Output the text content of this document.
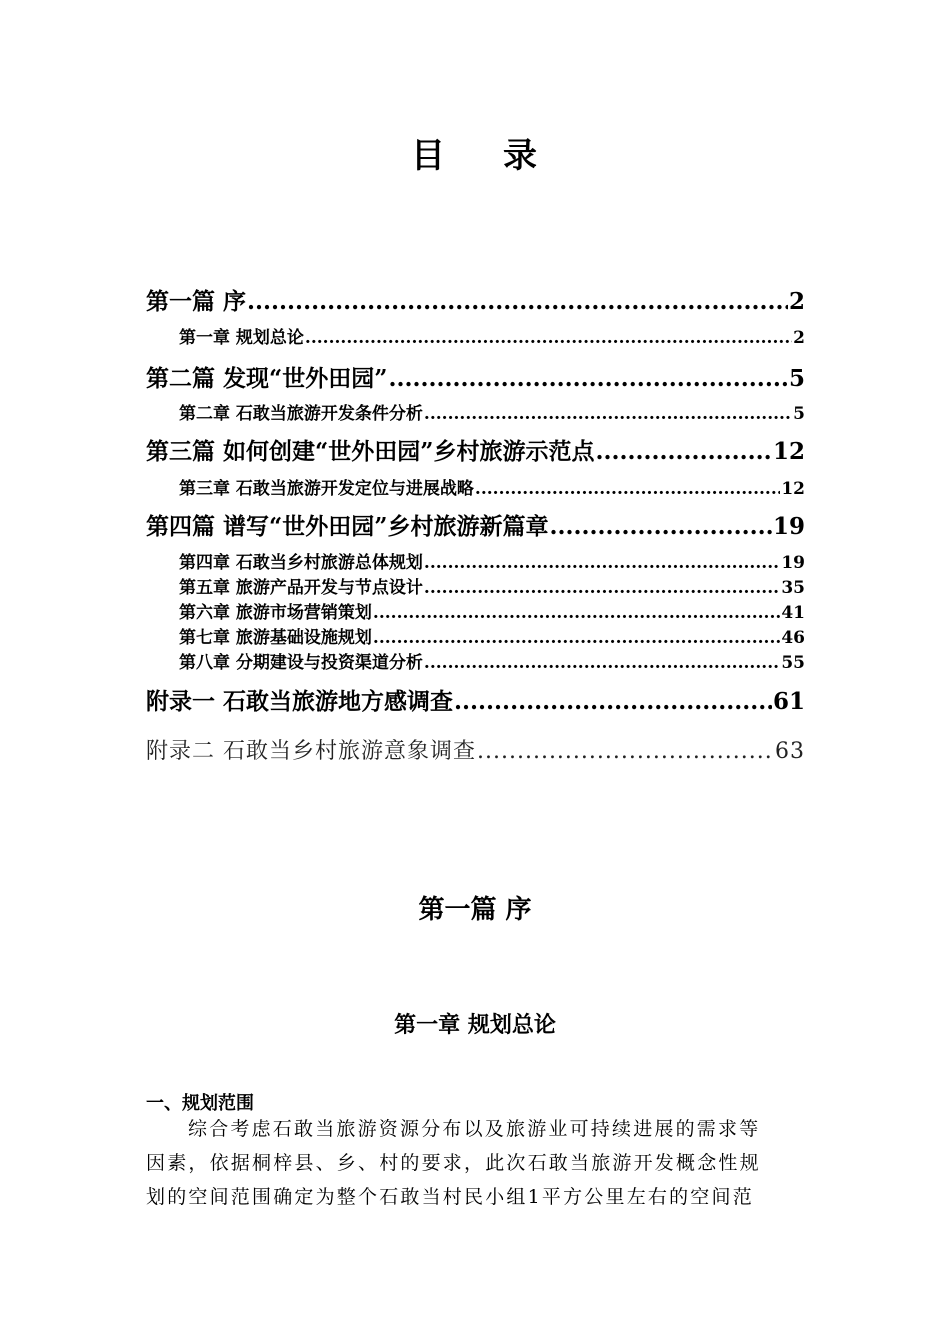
目 录
第一篇 序 .....	2
第一章 规划总论 .....	2
第二篇 发现“世外田园” .....	5
第二章 石敢当旅游开发条件分析 .....	5
第三篇 如何创建“世外田园”乡村旅游示范点 .....	12
第三章 石敢当旅游开发定位与进展战略 .....	12
第四篇 谱写“世外田园”乡村旅游新篇章 .....	19
第四章 石敢当乡村旅游总体规划 .....	19
第五章 旅游产品开发与节点设计 .....	35
第六章 旅游市场营销策划 .....	41
第七章 旅游基础设施规划 .....	46
第八章 分期建设与投资渠道分析 .....	55
附录一 石敢当旅游地方感调查 .....	61
附录二 石敢当乡村旅游意象调查 .....	63
第一篇 序
第一章 规划总论
一、规划范围
综合考虑石敢当旅游资源分布以及旅游业可持续进展的需求等
因素，依据桐梓县、乡、村的要求，此次石敢当旅游开发概念性规
划的空间范围确定为整个石敢当村民小组1平方公里左右的空间范
